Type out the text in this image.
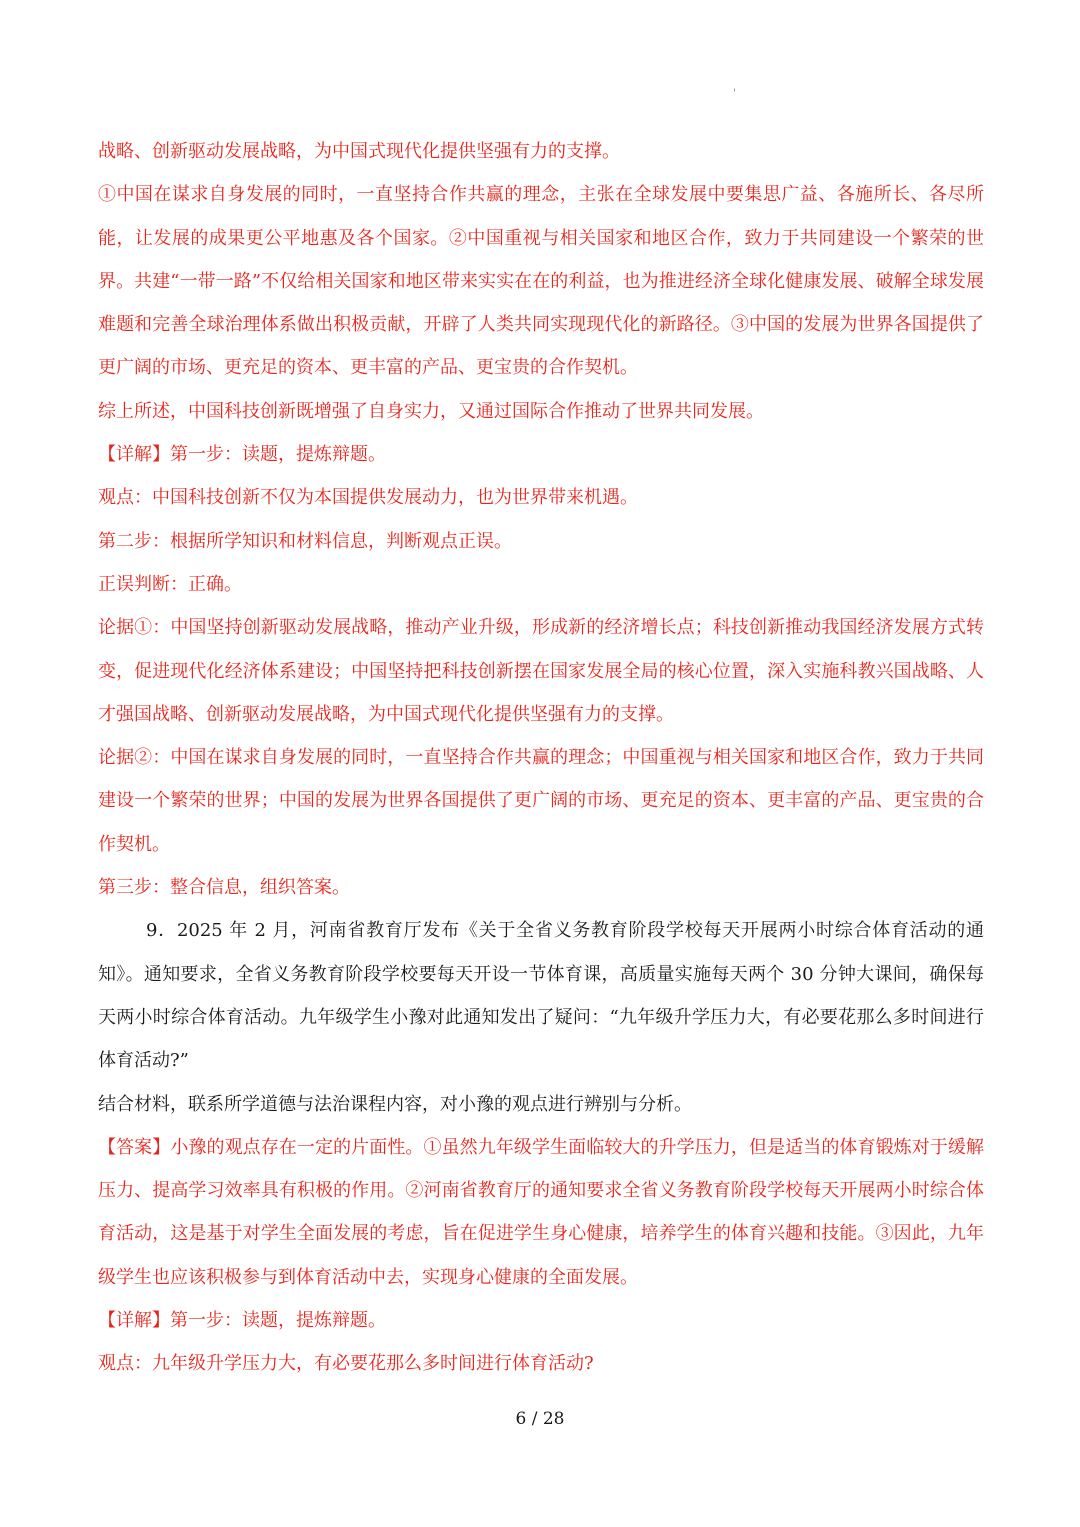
'

战略、创新驱动发展战略，为中国式现代化提供坚强有力的支撑。

①中国在谋求自身发展的同时，一直坚持合作共赢的理念，主张在全球发展中要集思广益、各施所长、各尽所能，让发展的成果更公平地惠及各个国家。②中国重视与相关国家和地区合作，致力于共同建设一个繁荣的世界。共建“一带一路”不仅给相关国家和地区带来实实在在的利益，也为推进经济全球化健康发展、破解全球发展难题和完善全球治理体系做出积极贡献，开辟了人类共同实现现代化的新路径。③中国的发展为世界各国提供了更广阔的市场、更充足的资本、更丰富的产品、更宝贵的合作契机。

综上所述，中国科技创新既增强了自身实力，又通过国际合作推动了世界共同发展。

【详解】第一步：读题，提炼辩题。

观点：中国科技创新不仅为本国提供发展动力，也为世界带来机遇。

第二步：根据所学知识和材料信息，判断观点正误。

正误判断：正确。

论据①：中国坚持创新驱动发展战略，推动产业升级，形成新的经济增长点；科技创新推动我国经济发展方式转变，促进现代化经济体系建设；中国坚持把科技创新摆在国家发展全局的核心位置，深入实施科教兴国战略、人才强国战略、创新驱动发展战略，为中国式现代化提供坚强有力的支撑。

论据②：中国在谋求自身发展的同时，一直坚持合作共赢的理念；中国重视与相关国家和地区合作，致力于共同建设一个繁荣的世界；中国的发展为世界各国提供了更广阔的市场、更充足的资本、更丰富的产品、更宝贵的合作契机。

第三步：整合信息，组织答案。

9．2025 年 2 月，河南省教育厅发布《关于全省义务教育阶段学校每天开展两小时综合体育活动的通知》。通知要求，全省义务教育阶段学校要每天开设一节体育课，高质量实施每天两个 30 分钟大课间，确保每天两小时综合体育活动。九年级学生小豫对此通知发出了疑问：“九年级升学压力大，有必要花那么多时间进行体育活动?”

结合材料，联系所学道德与法治课程内容，对小豫的观点进行辨别与分析。

【答案】小豫的观点存在一定的片面性。①虽然九年级学生面临较大的升学压力，但是适当的体育锻炼对于缓解压力、提高学习效率具有积极的作用。②河南省教育厅的通知要求全省义务教育阶段学校每天开展两小时综合体育活动，这是基于对学生全面发展的考虑，旨在促进学生身心健康，培养学生的体育兴趣和技能。③因此，九年级学生也应该积极参与到体育活动中去，实现身心健康的全面发展。

【详解】第一步：读题，提炼辩题。

观点：九年级升学压力大，有必要花那么多时间进行体育活动?

6 / 28
